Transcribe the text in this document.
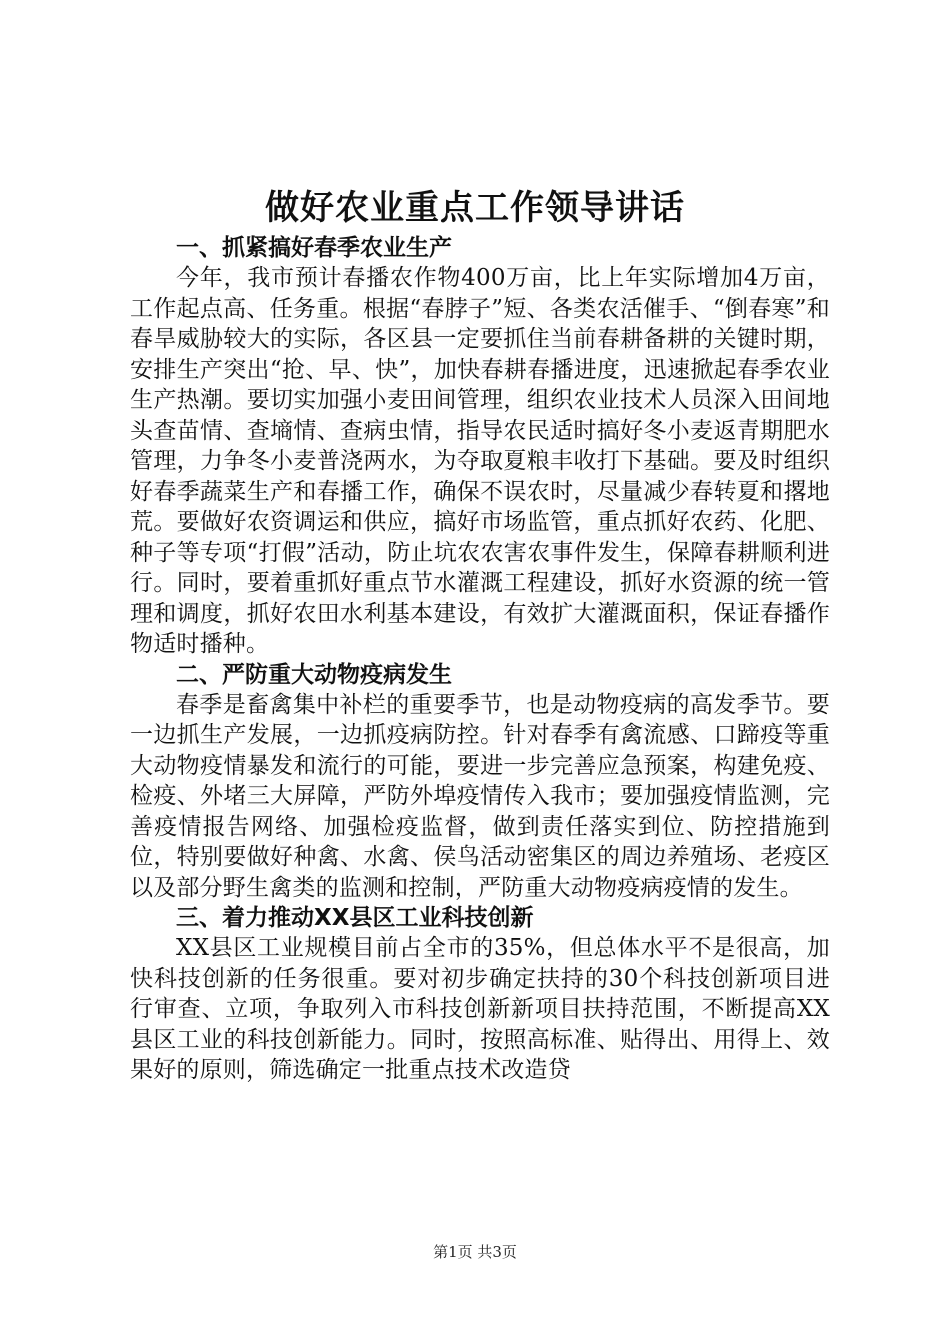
做好农业重点工作领导讲话
一、抓紧搞好春季农业生产

今年，我市预计春播农作物400万亩，比上年实际增加4万亩，工作起点高、任务重。根据“春脖子”短、各类农活催手、“倒春寒”和春旱威胁较大的实际，各区县一定要抓住当前春耕备耕的关键时期，安排生产突出“抢、早、快”，加快春耕春播进度，迅速掀起春季农业生产热潮。要切实加强小麦田间管理，组织农业技术人员深入田间地头查苗情、查墒情、查病虫情，指导农民适时搞好冬小麦返青期肥水管理，力争冬小麦普浇两水，为夺取夏粮丰收打下基础。要及时组织好春季蔬菜生产和春播工作，确保不误农时，尽量减少春转夏和撂地荒。要做好农资调运和供应，搞好市场监管，重点抓好农药、化肥、种子等专项“打假”活动，防止坑农农害农事件发生，保障春耕顺利进行。同时，要着重抓好重点节水灌溉工程建设，抓好水资源的统一管理和调度，抓好农田水利基本建设，有效扩大灌溉面积，保证春播作物适时播种。

二、严防重大动物疫病发生

春季是畜禽集中补栏的重要季节，也是动物疫病的高发季节。要一边抓生产发展，一边抓疫病防控。针对春季有禽流感、口蹄疫等重大动物疫情暴发和流行的可能，要进一步完善应急预案，构建免疫、检疫、外堵三大屏障，严防外埠疫情传入我市；要加强疫情监测，完善疫情报告网络、加强检疫监督，做到责任落实到位、防控措施到位，特别要做好种禽、水禽、侯鸟活动密集区的周边养殖场、老疫区以及部分野生禽类的监测和控制，严防重大动物疫病疫情的发生。

三、着力推动XX县区工业科技创新

XX县区工业规模目前占全市的35%，但总体水平不是很高，加快科技创新的任务很重。要对初步确定扶持的30个科技创新项目进行审查、立项，争取列入市科技创新新项目扶持范围，不断提高XX县区工业的科技创新能力。同时，按照高标准、贴得出、用得上、效果好的原则，筛选确定一批重点技术改造贷

第1页 共3页
